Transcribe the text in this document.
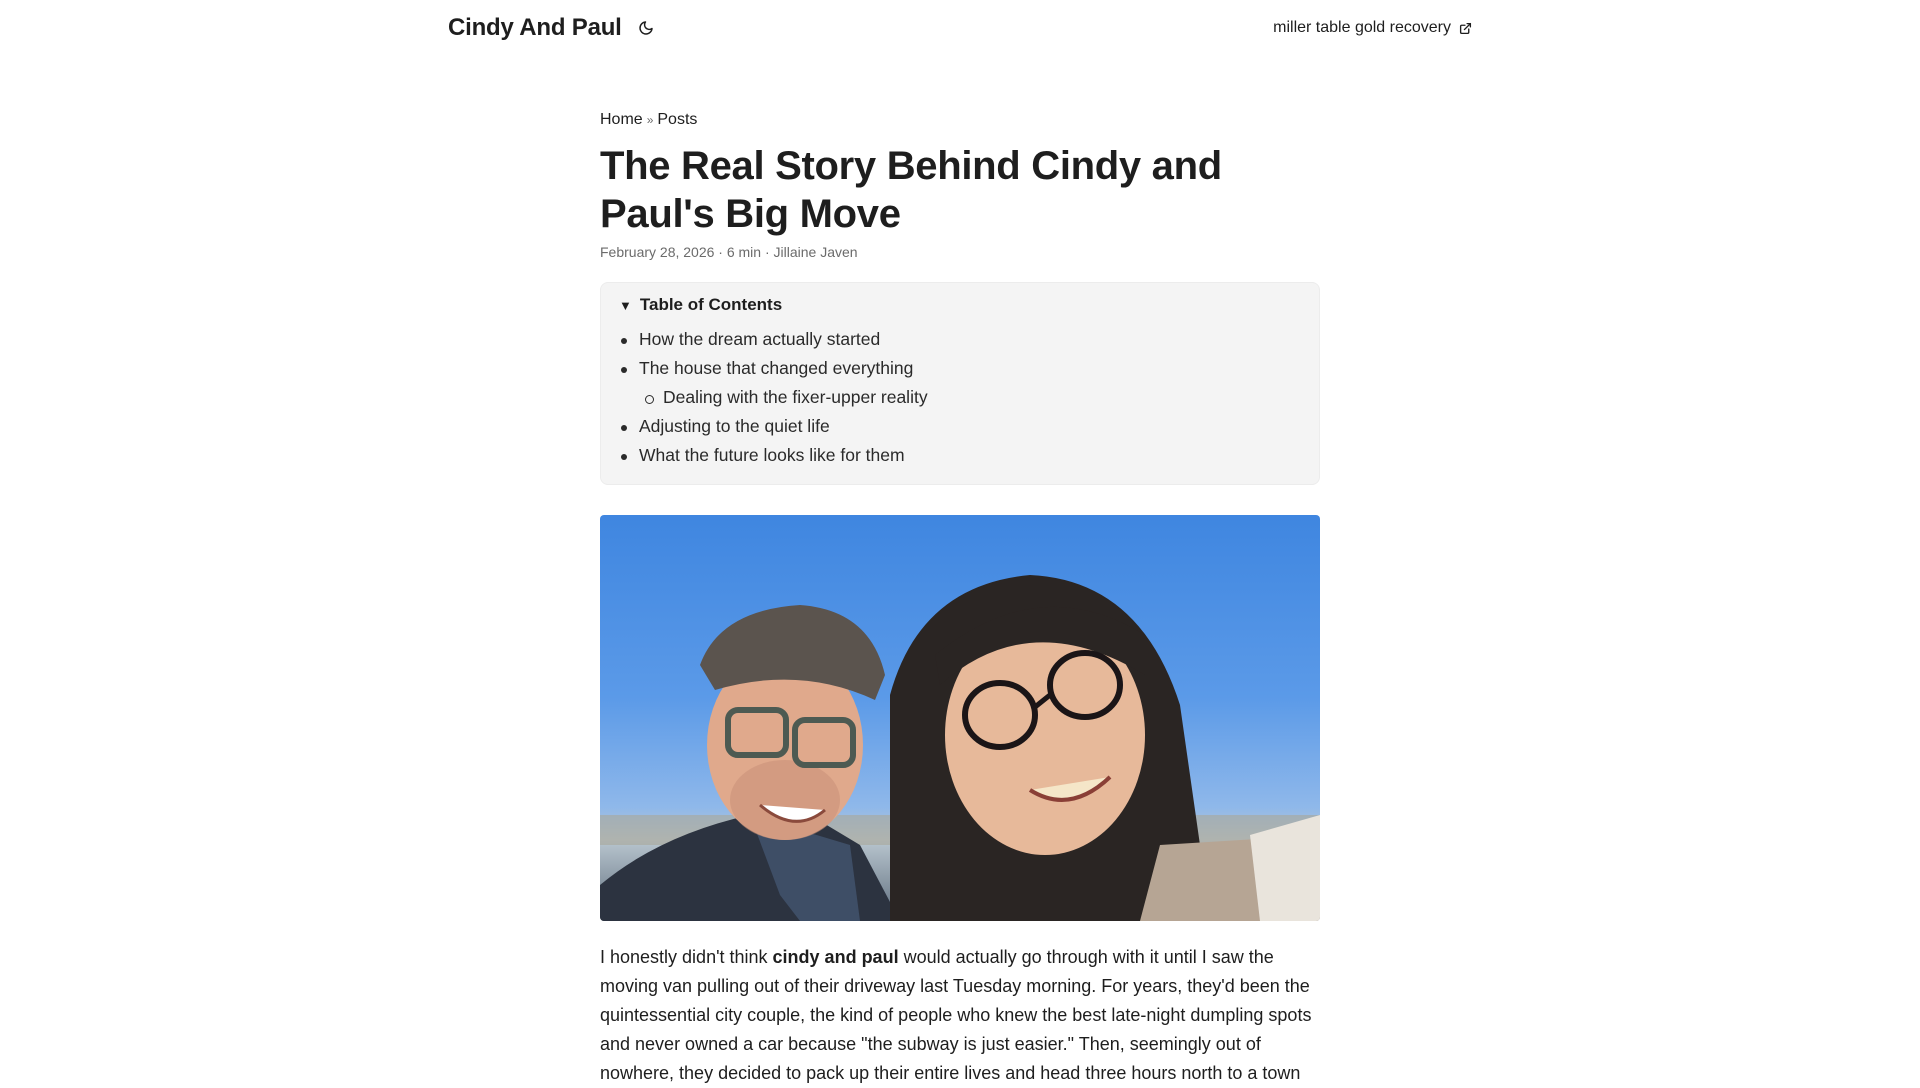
Cindy And Paul	miller table gold recovery
Home » Posts
The Real Story Behind Cindy and Paul's Big Move
February 28, 2026 · 6 min · Jillaine Javen
▼ Table of Contents
How the dream actually started
The house that changed everything
Dealing with the fixer-upper reality
Adjusting to the quiet life
What the future looks like for them

I honestly didn't think cindy and paul would actually go through with it until I saw the moving van pulling out of their driveway last Tuesday morning. For years, they'd been the quintessential city couple, the kind of people who knew the best late-night dumpling spots and never owned a car because "the subway is just easier." Then, seemingly out of nowhere, they decided to pack up their entire lives and head three hours north to a town
